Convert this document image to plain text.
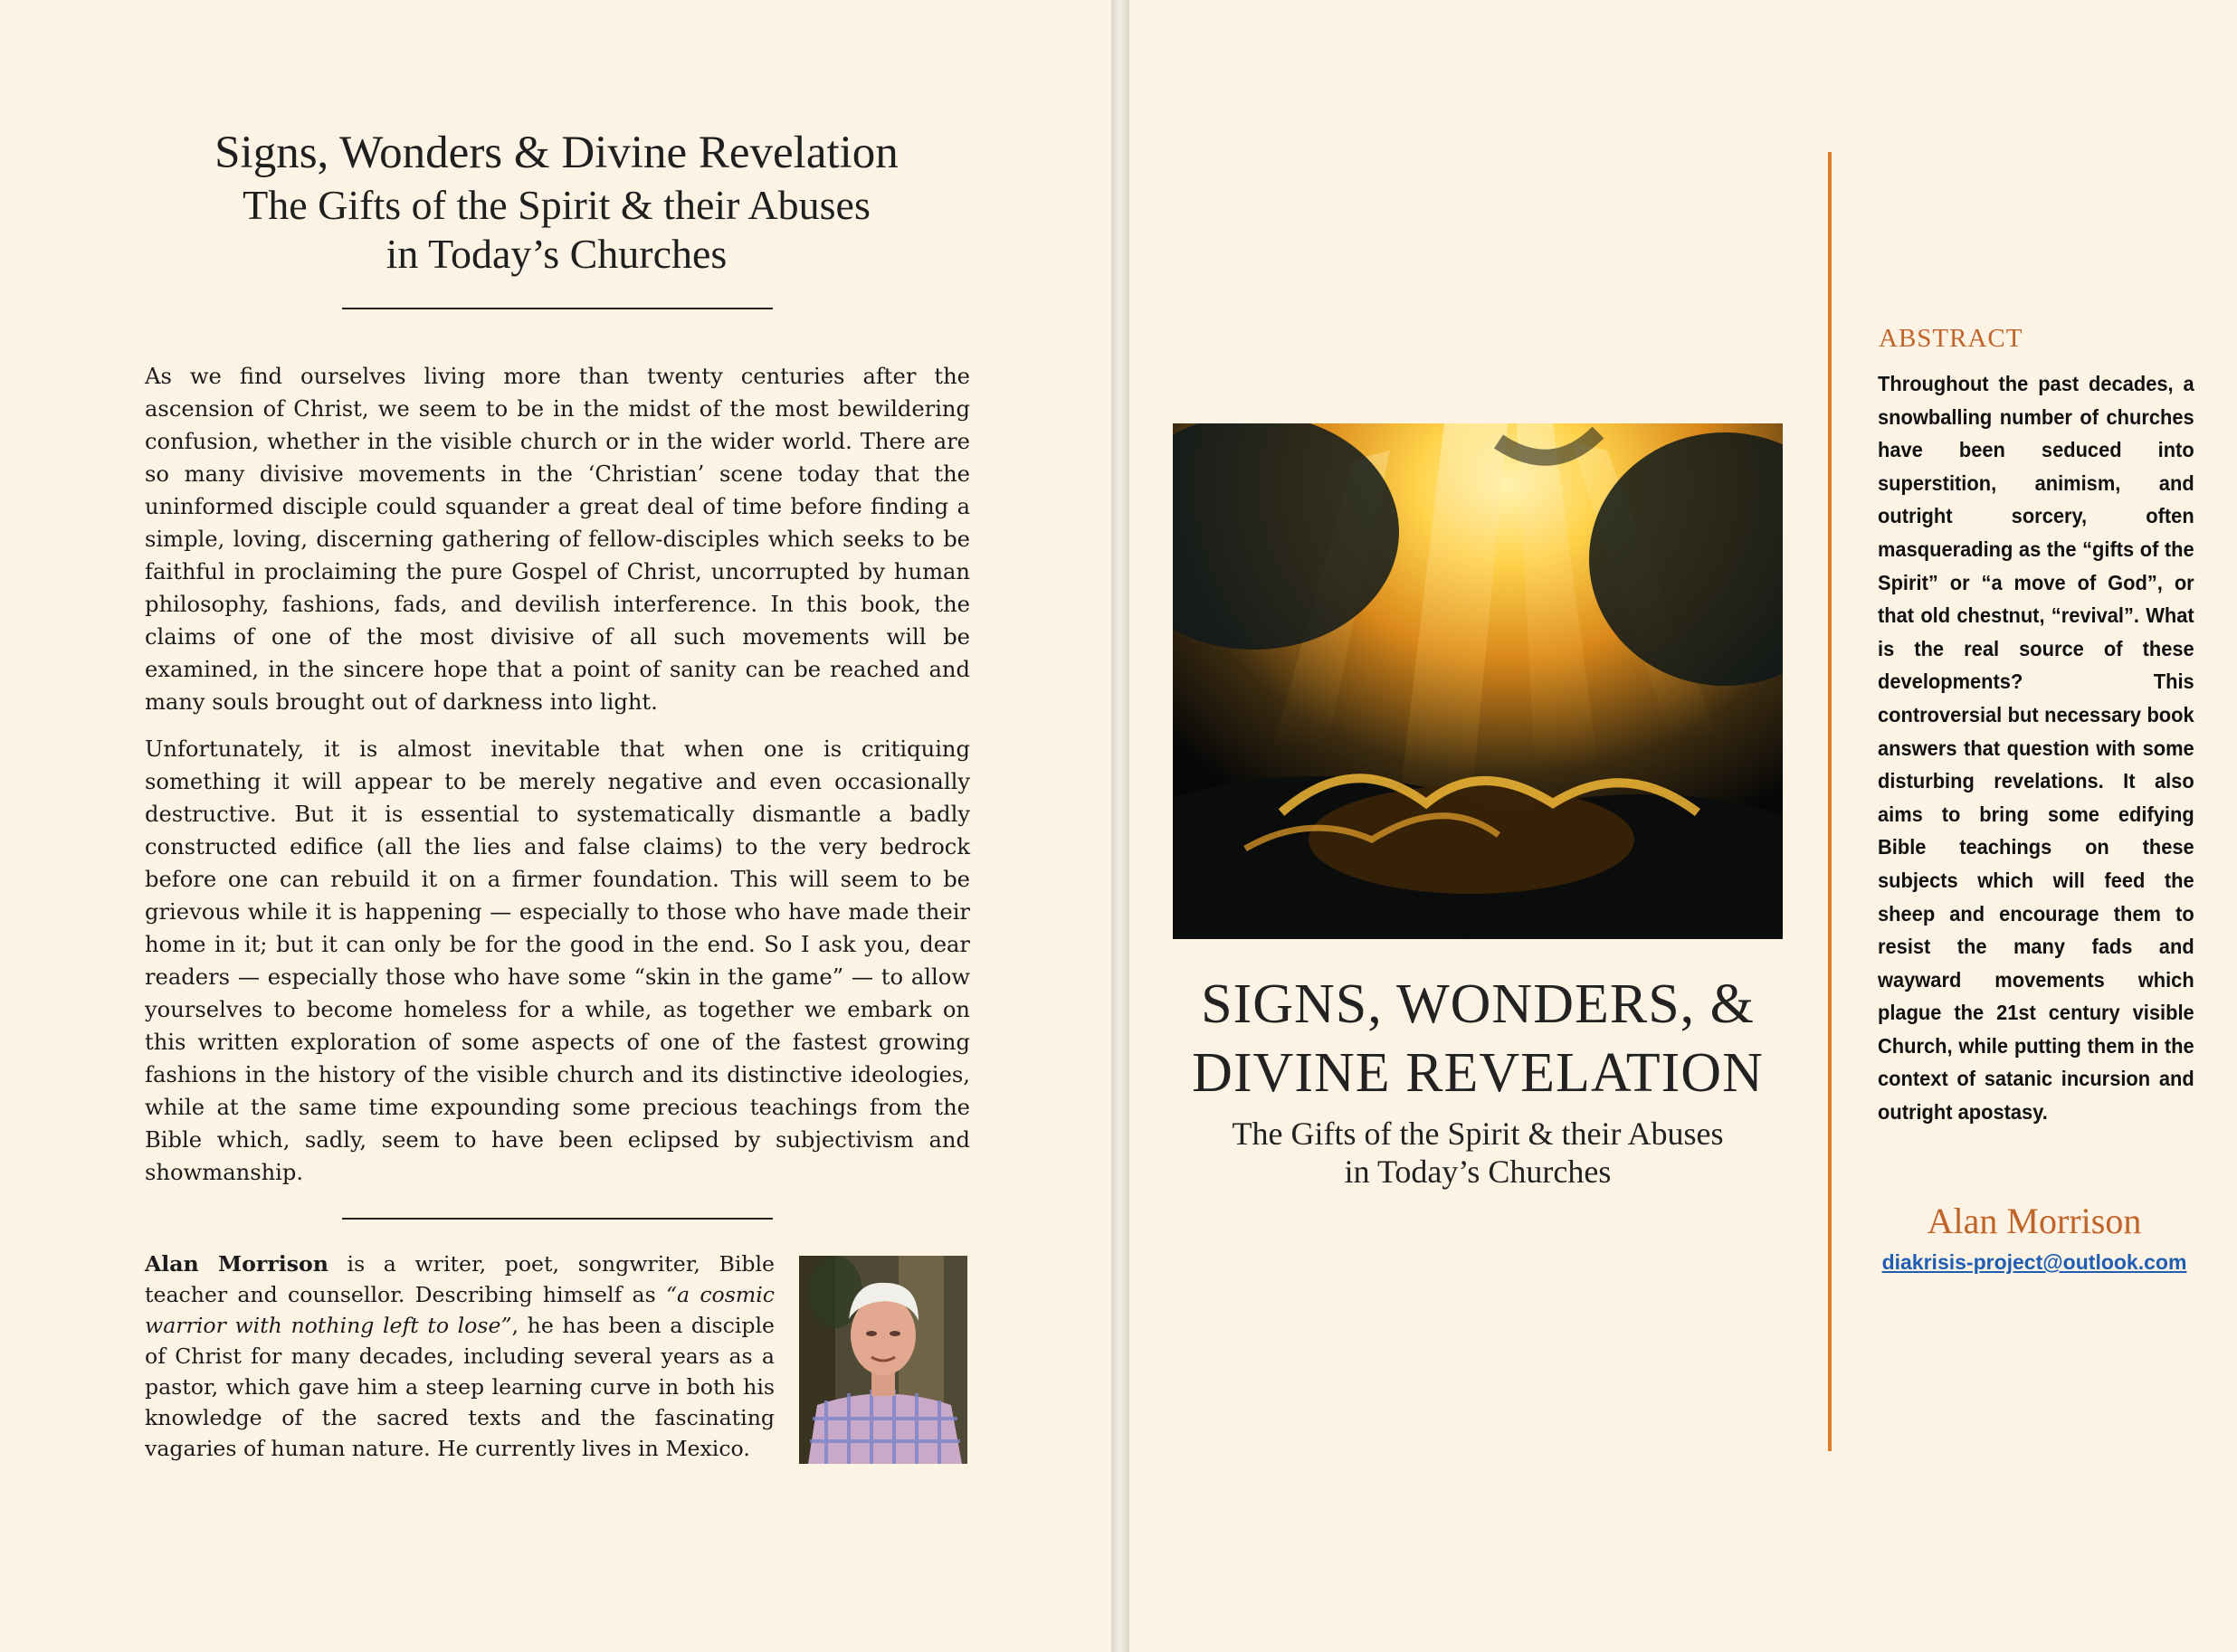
Signs, Wonders & Divine Revelation
The Gifts of the Spirit & their Abuses
in Today’s Churches

As we find ourselves living more than twenty centuries after the ascension of Christ, we seem to be in the midst of the most bewildering confusion, whether in the visible church or in the wider world. There are so many divisive movements in the ‘Christian’ scene today that the uninformed disciple could squander a great deal of time before finding a simple, loving, discerning gathering of fellow-disciples which seeks to be faithful in proclaiming the pure Gospel of Christ, uncorrupted by human philosophy, fashions, fads, and devilish interference. In this book, the claims of one of the most divisive of all such movements will be examined, in the sincere hope that a point of sanity can be reached and many souls brought out of darkness into light.

Unfortunately, it is almost inevitable that when one is critiquing something it will appear to be merely negative and even occasionally destructive. But it is essential to systematically dismantle a badly constructed edifice (all the lies and false claims) to the very bedrock before one can rebuild it on a firmer foundation. This will seem to be grievous while it is happening — especially to those who have made their home in it; but it can only be for the good in the end. So I ask you, dear readers — especially those who have some “skin in the game” — to allow yourselves to become homeless for a while, as together we embark on this written exploration of some aspects of one of the fastest growing fashions in the history of the visible church and its distinctive ideologies, while at the same time expounding some precious teachings from the Bible which, sadly, seem to have been eclipsed by subjectivism and showmanship.

Alan Morrison is a writer, poet, songwriter, Bible teacher and counsellor. Describing himself as “a cosmic warrior with nothing left to lose”, he has been a disciple of Christ for many decades, including several years as a pastor, which gave him a steep learning curve in both his knowledge of the sacred texts and the fascinating vagaries of human nature. He currently lives in Mexico.
SIGNS, WONDERS, &
DIVINE REVELATION
The Gifts of the Spirit & their Abuses
in Today’s Churches
ABSTRACT
Throughout the past decades, a snowballing number of churches have been seduced into superstition, animism, and outright sorcery, often masquerading as the “gifts of the Spirit” or “a move of God”, or that old chestnut, “revival”. What is the real source of these developments? This controversial but necessary book answers that question with some disturbing revelations. It also aims to bring some edifying Bible teachings on these subjects which will feed the sheep and encourage them to resist the many fads and wayward movements which plague the 21st century visible Church, while putting them in the context of satanic incursion and outright apostasy.
Alan Morrison
diakrisis-project@outlook.com
